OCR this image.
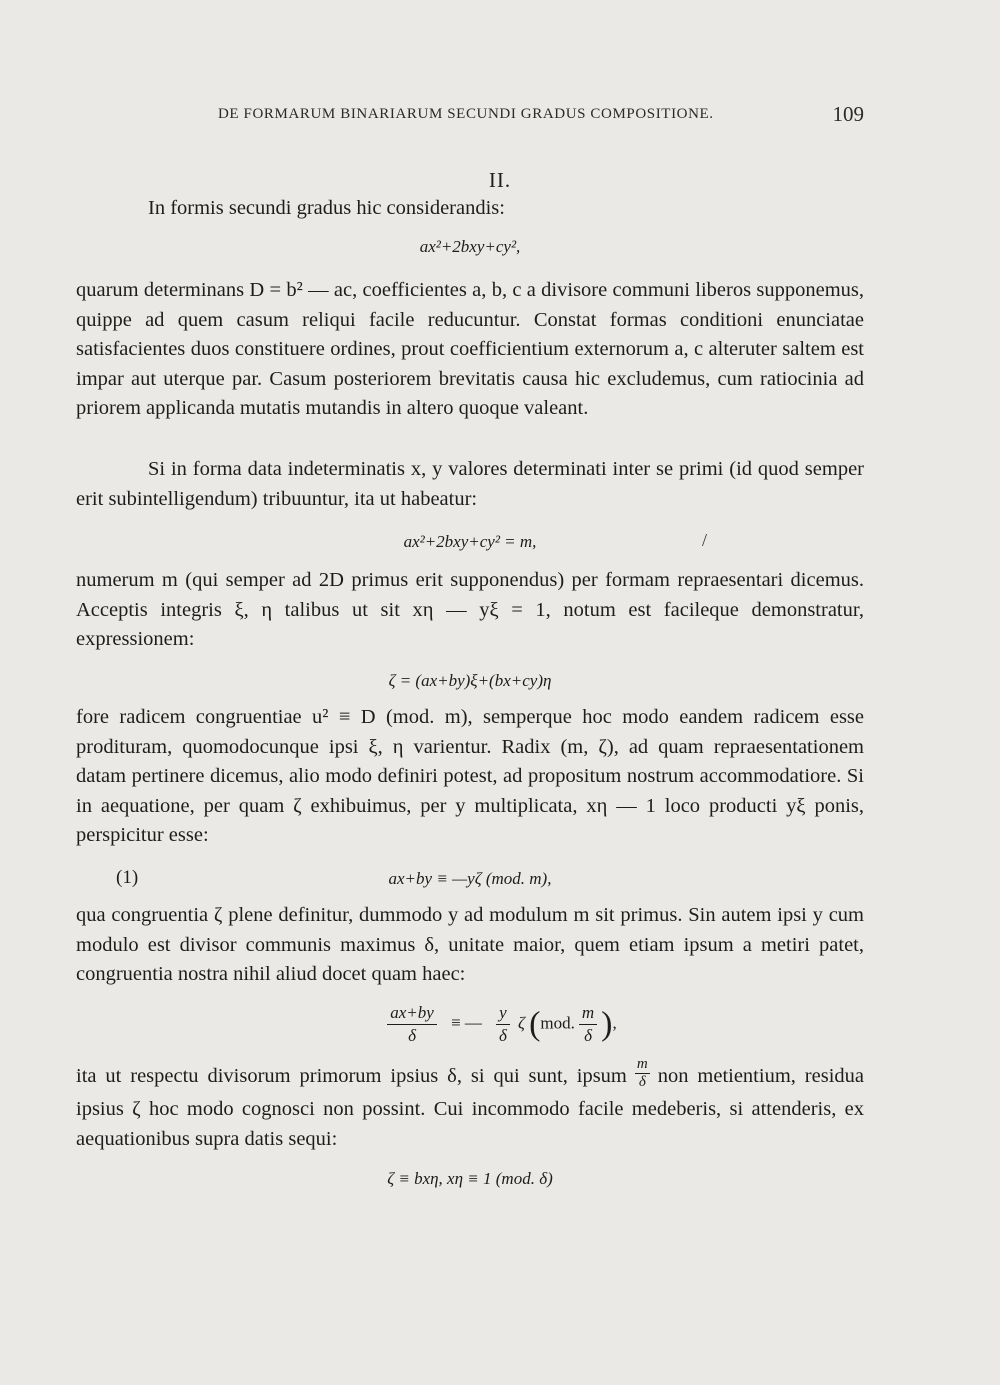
DE FORMARUM BINARIARUM SECUNDI GRADUS COMPOSITIONE.	109
II.
In formis secundi gradus hic considerandis:
ax²+2bxy+cy²,
quarum determinans D = b² — ac, coefficientes a, b, c a divisore communi liberos supponemus, quippe ad quem casum reliqui facile reducuntur. Constat formas conditioni enunciatae satisfacientes duos constituere ordines, prout coefficientium externorum a, c alteruter saltem est impar aut uterque par. Casum posteriorem brevitatis causa hic excludemus, cum ratiocinia ad priorem applicanda mutatis mutandis in altero quoque valeant.
Si in forma data indeterminatis x, y valores determinati inter se primi (id quod semper erit subintelligendum) tribuuntur, ita ut habeatur:
ax²+2bxy+cy² = m,	/
numerum m (qui semper ad 2D primus erit supponendus) per formam repraesentari dicemus. Acceptis integris ξ, η talibus ut sit xη — yξ = 1, notum est facileque demonstratur, expressionem:
ζ = (ax+by)ξ+(bx+cy)η
fore radicem congruentiae u² ≡ D (mod. m), semperque hoc modo eandem radicem esse prodituram, quomodocunque ipsi ξ, η varientur. Radix (m, ζ), ad quam repraesentationem datam pertinere dicemus, alio modo definiri potest, ad propositum nostrum accommodatiore. Si in aequatione, per quam ζ exhibuimus, per y multiplicata, xη — 1 loco producti yξ ponis, perspicitur esse:
(1)	ax+by ≡ —yζ (mod. m),
qua congruentia ζ plene definitur, dummodo y ad modulum m sit primus. Sin autem ipsi y cum modulo est divisor communis maximus δ, unitate maior, quem etiam ipsum a metiri patet, congruentia nostra nihil aliud docet quam haec:
$\frac{ax+by}{\delta}$ ≡ — $\frac{y}{\delta}$ ζ (mod. $\frac{m}{\delta}$ ),
ita ut respectu divisorum primorum ipsius δ, si qui sunt, ipsum $\frac{m}{\delta}$ non metientium, residua ipsius ζ hoc modo cognosci non possint. Cui incommodo facile medeberis, si attenderis, ex aequationibus supra datis sequi:
ζ ≡ bxη, xη ≡ 1 (mod. δ)
